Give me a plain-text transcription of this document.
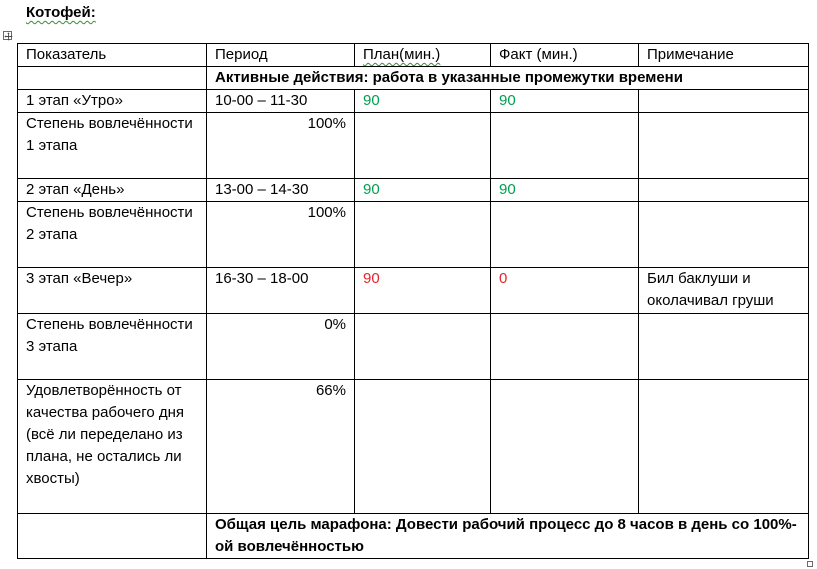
Котофей:
Показатель	Период	План(мин.)	Факт (мин.)	Примечание
	Активные действия: работа в указанные промежутки времени			
1 этап «Утро»	10-00 – 11-30	90	90	
Степень вовлечённости 1 этапа	100%			
2 этап «День»	13-00 – 14-30	90	90	
Степень вовлечённости 2 этапа	100%			
3 этап «Вечер»	16-30 – 18-00	90	0	Бил баклуши и околачивал груши
Степень вовлечённости 3 этапа	0%			
Удовлетворённость от качества рабочего дня (всё ли переделано из плана, не остались ли хвосты)	66%			
	Общая цель марафона: Довести рабочий процесс до 8 часов в день со 100%-ой вовлечённостью			
